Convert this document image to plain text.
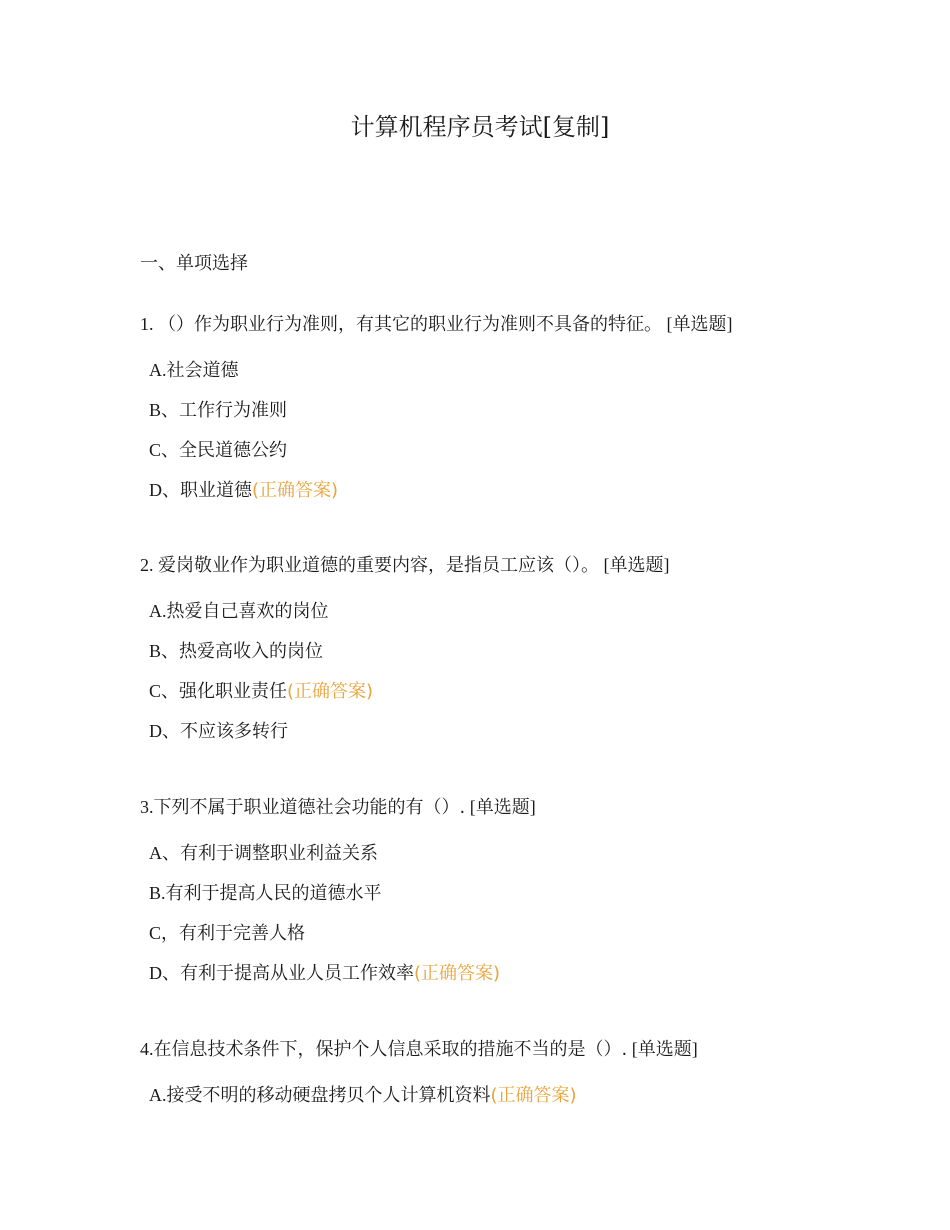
计算机程序员考试[复制]
一、单项选择
1. （）作为职业行为准则，有其它的职业行为准则不具备的特征。 [单选题]
A.社会道德
B、工作行为准则
C、全民道德公约
D、职业道德(正确答案)
2. 爱岗敬业作为职业道德的重要内容，是指员工应该（）。 [单选题]
A.热爱自己喜欢的岗位
B、热爱高收入的岗位
C、强化职业责任(正确答案)
D、不应该多转行
3.下列不属于职业道德社会功能的有（）. [单选题]
A、有利于调整职业利益关系
B.有利于提高人民的道德水平
C，有利于完善人格
D、有利于提高从业人员工作效率(正确答案)
4.在信息技术条件下，保护个人信息采取的措施不当的是（）. [单选题]
A.接受不明的移动硬盘拷贝个人计算机资料(正确答案)
